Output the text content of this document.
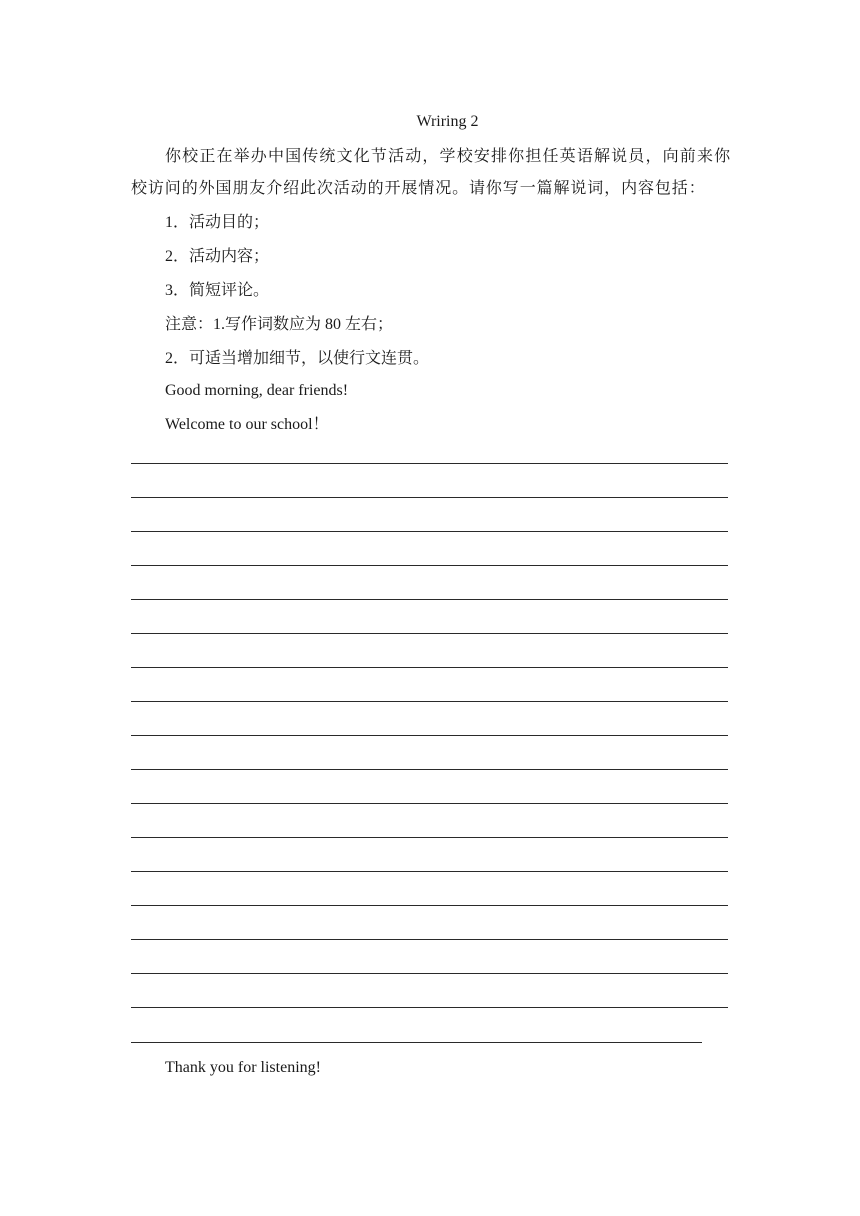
Wriring 2
你校正在举办中国传统文化节活动，学校安排你担任英语解说员，向前来你校访问的外国朋友介绍此次活动的开展情况。请你写一篇解说词，内容包括：
1．活动目的；
2．活动内容；
3．简短评论。
注意：1.写作词数应为 80 左右；
2．可适当增加细节，以使行文连贯。
Good morning, dear friends!
Welcome to our school！
Thank you for listening!
